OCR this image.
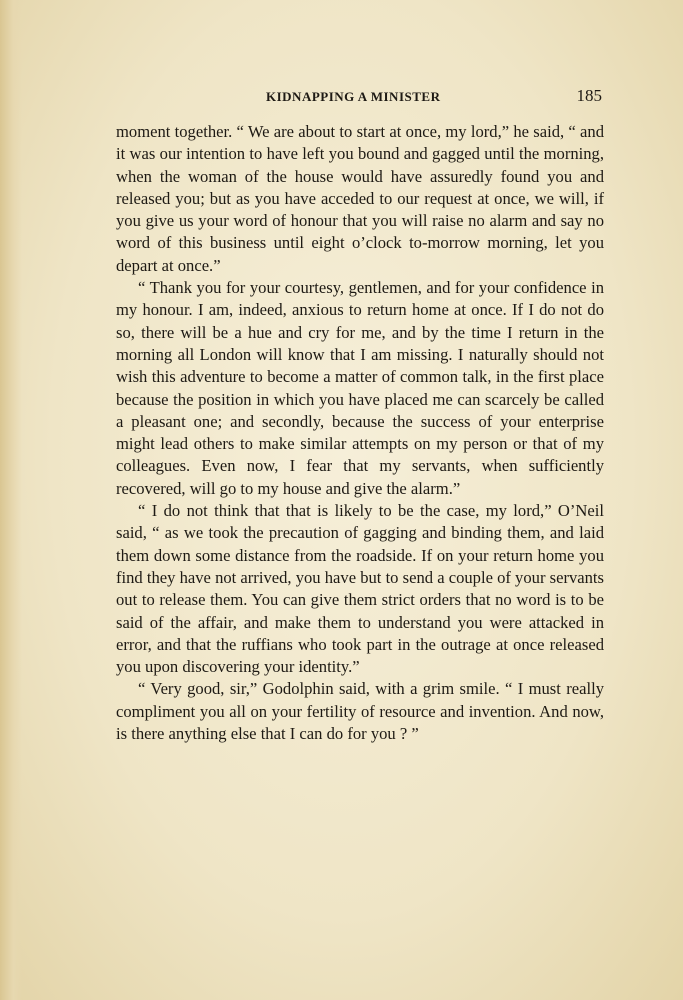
KIDNAPPING A MINISTER	185

moment together. “ We are about to start at once, my lord,” he said, “ and it was our intention to have left you bound and gagged until the morning, when the woman of the house would have assuredly found you and released you; but as you have acceded to our request at once, we will, if you give us your word of honour that you will raise no alarm and say no word of this business until eight o’clock to-morrow morning, let you depart at once.”

“ Thank you for your courtesy, gentlemen, and for your confidence in my honour. I am, indeed, anxious to return home at once. If I do not do so, there will be a hue and cry for me, and by the time I return in the morning all London will know that I am missing. I naturally should not wish this adventure to become a matter of common talk, in the first place because the position in which you have placed me can scarcely be called a pleasant one; and secondly, because the success of your enterprise might lead others to make similar attempts on my person or that of my colleagues. Even now, I fear that my servants, when sufficiently recovered, will go to my house and give the alarm.”

“ I do not think that that is likely to be the case, my lord,” O’Neil said, “ as we took the precaution of gagging and binding them, and laid them down some distance from the roadside. If on your return home you find they have not arrived, you have but to send a couple of your servants out to release them. You can give them strict orders that no word is to be said of the affair, and make them to understand you were attacked in error, and that the ruffians who took part in the outrage at once released you upon discovering your identity.”

“ Very good, sir,” Godolphin said, with a grim smile. “ I must really compliment you all on your fertility of resource and invention. And now, is there anything else that I can do for you ? ”
